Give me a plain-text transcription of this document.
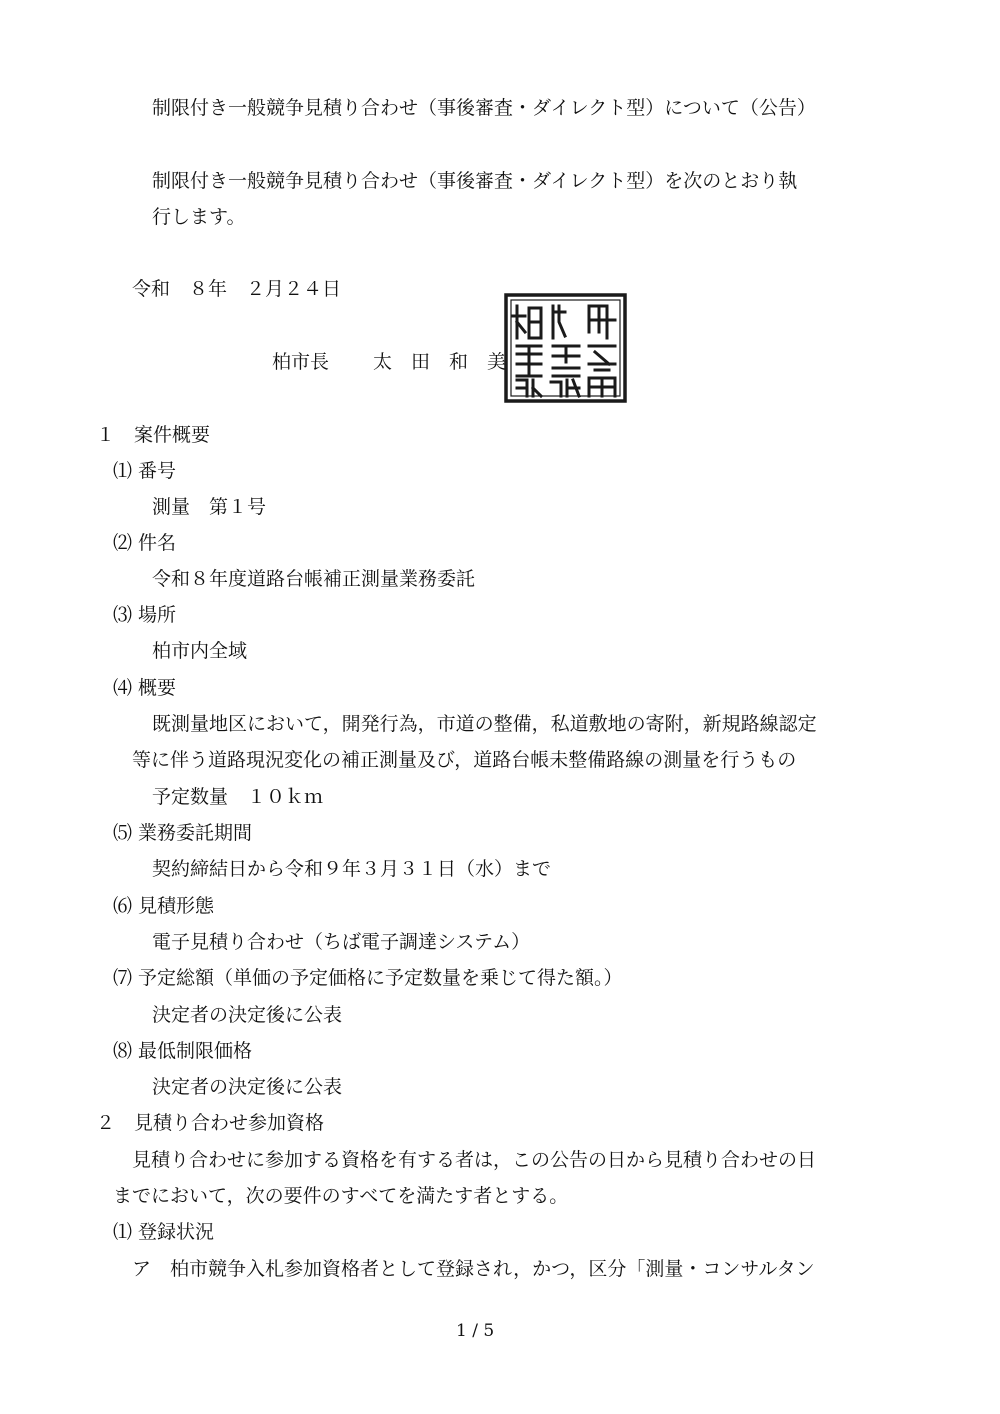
制限付き一般競争見積り合わせ（事後審査・ダイレクト型）について（公告）
制限付き一般競争見積り合わせ（事後審査・ダイレクト型）を次のとおり執
行します。
令和　８年　２月２４日
柏市長 太　田　和　美
１　案件概要
⑴ 番号
測量　第１号
⑵ 件名
令和８年度道路台帳補正測量業務委託
⑶ 場所
柏市内全域
⑷ 概要
既測量地区において，開発行為，市道の整備，私道敷地の寄附，新規路線認定
等に伴う道路現況変化の補正測量及び，道路台帳未整備路線の測量を行うもの
予定数量　１０ｋｍ
⑸ 業務委託期間
契約締結日から令和９年３月３１日（水）まで
⑹ 見積形態
電子見積り合わせ（ちば電子調達システム）
⑺ 予定総額（単価の予定価格に予定数量を乗じて得た額。）
決定者の決定後に公表
⑻ 最低制限価格
決定者の決定後に公表
２　見積り合わせ参加資格
見積り合わせに参加する資格を有する者は，この公告の日から見積り合わせの日
までにおいて，次の要件のすべてを満たす者とする。
⑴ 登録状況
ア　柏市競争入札参加資格者として登録され，かつ，区分「測量・コンサルタン
1 / 5
